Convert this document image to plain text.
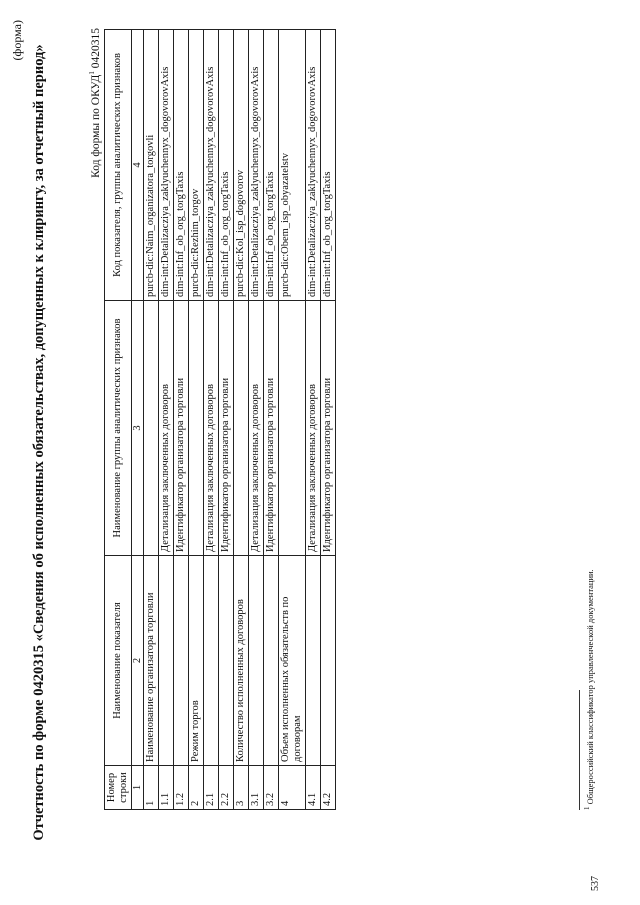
537
(форма)
Отчетность по форме 0420315 «Сведения об исполненных обязательствах, допущенных к клирингу, за отчетный период»	Код формы по ОКУД$^1$ 0420315
Номер строки	Наименование показателя	Наименование группы аналитических признаков	Код показателя, группы аналитических признаков
1	2	3	4
1	Наименование организатора торговли		purcb-dic:Naim_organizatora_torgovli
1.1		Детализация заключенных договоров	dim-int:Detalizacziya_zaklyuchennyx_dogovorovAxis
1.2		Идентификатор организатора торговли	dim-int:Inf_ob_org_torgTaxis
2	Режим торгов		purcb-dic:Rezhim_torgov
2.1		Детализация заключенных договоров	dim-int:Detalizacziya_zaklyuchennyx_dogovorovAxis
2.2		Идентификатор организатора торговли	dim-int:Inf_ob_org_torgTaxis
3	Количество исполненных договоров		purcb-dic:Kol_isp_dogovorov
3.1		Детализация заключенных договоров	dim-int:Detalizacziya_zaklyuchennyx_dogovorovAxis
3.2		Идентификатор организатора торговли	dim-int:Inf_ob_org_torgTaxis
4	Объем исполненных обязательств по договорам		purcb-dic:Obem_isp_obyazatelstv
4.1		Детализация заключенных договоров	dim-int:Detalizacziya_zaklyuchennyx_dogovorovAxis
4.2		Идентификатор организатора торговли	dim-int:Inf_ob_org_torgTaxis
$^1$ Общероссийский классификатор управленческой документации.
